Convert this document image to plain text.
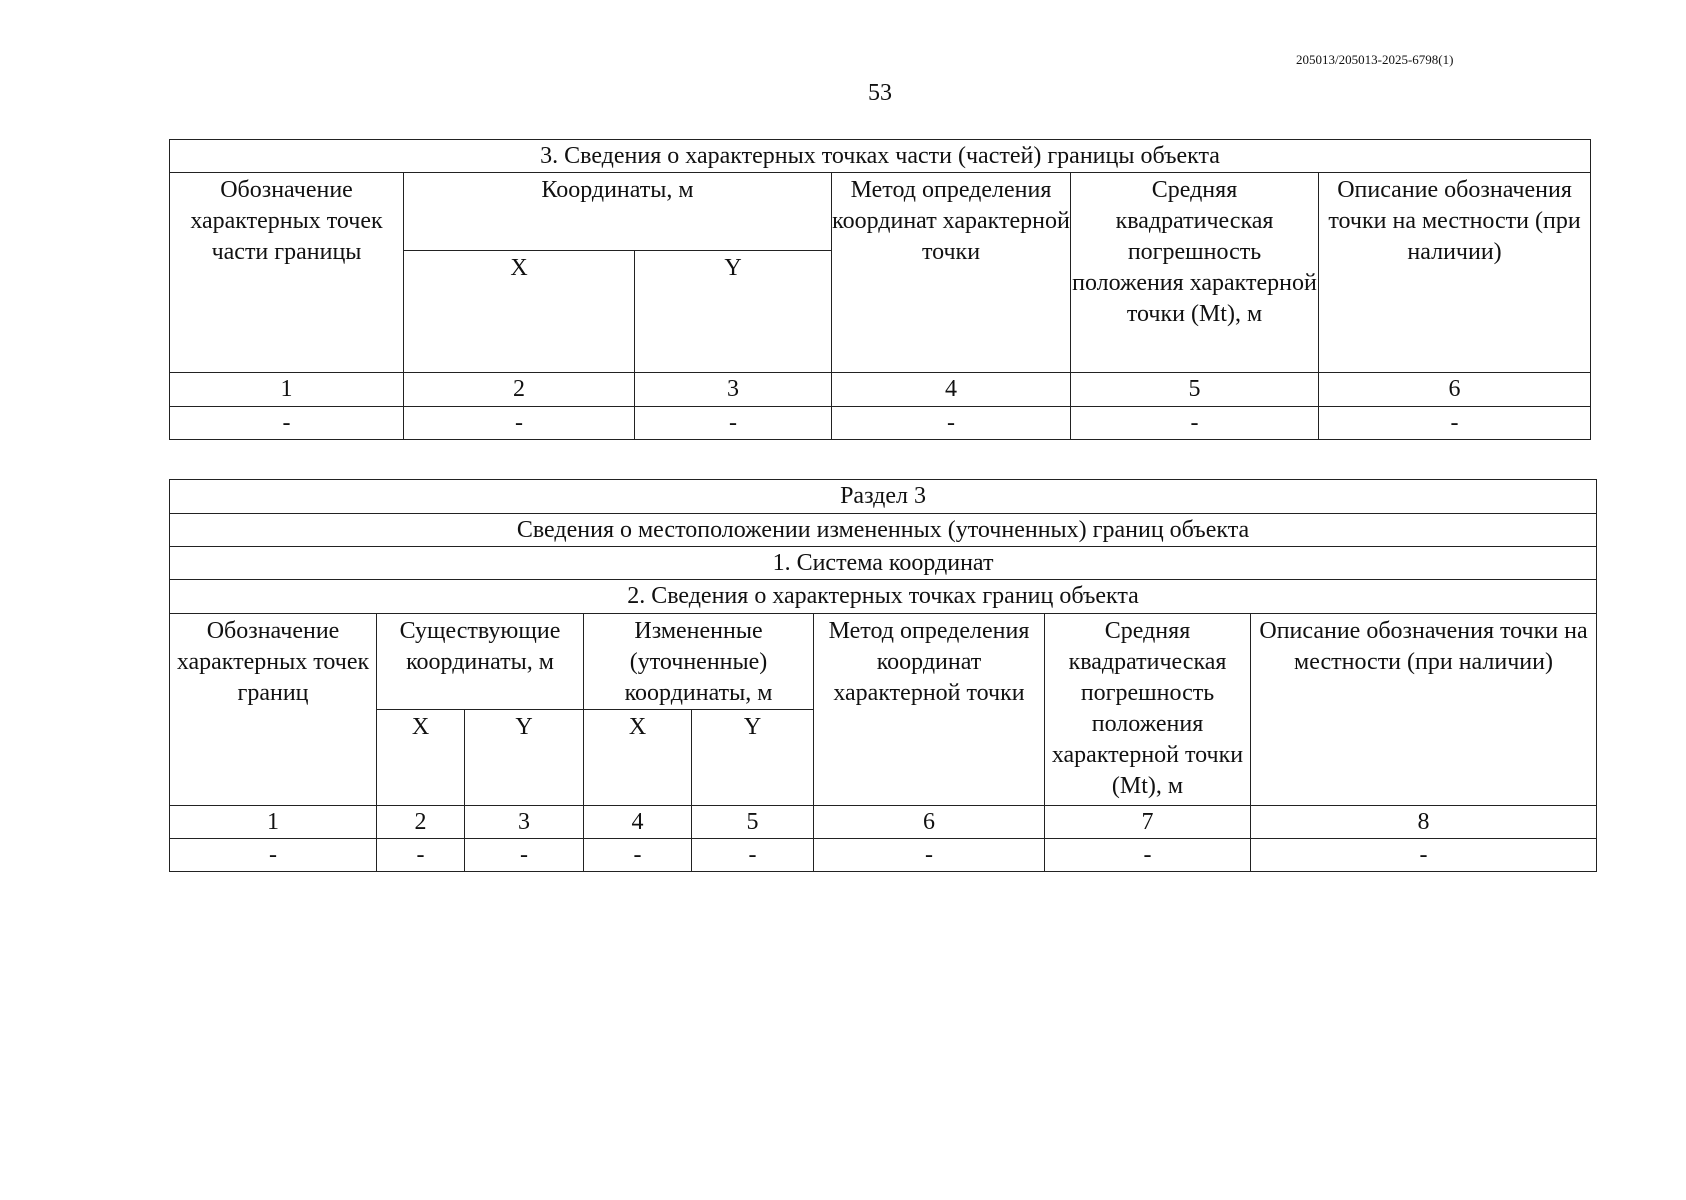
205013/205013-2025-6798(1)
53
3. Сведения о характерных точках части (частей) границы объекта					
Обозначение характерных точек части границы	Координаты, м		Метод определения координат характерной точки	Средняя квадратическая погрешность положения характерной точки (Mt), м	Описание обозначения точки на местности (при наличии)
	X	Y			
1	2	3	4	5	6
-	-	-	-	-	-
Раздел 3							
Сведения о местоположении измененных (уточненных) границ объекта							
1. Система координат							
2. Сведения о характерных точках границ объекта							
Обозначение характерных точек границ	Существующие координаты, м		Измененные (уточненные) координаты, м		Метод определения координат характерной точки	Средняя квадратическая погрешность положения характерной точки (Mt), м	Описание обозначения точки на местности (при наличии)
	X	Y	X	Y			
1	2	3	4	5	6	7	8
-	-	-	-	-	-	-	-
